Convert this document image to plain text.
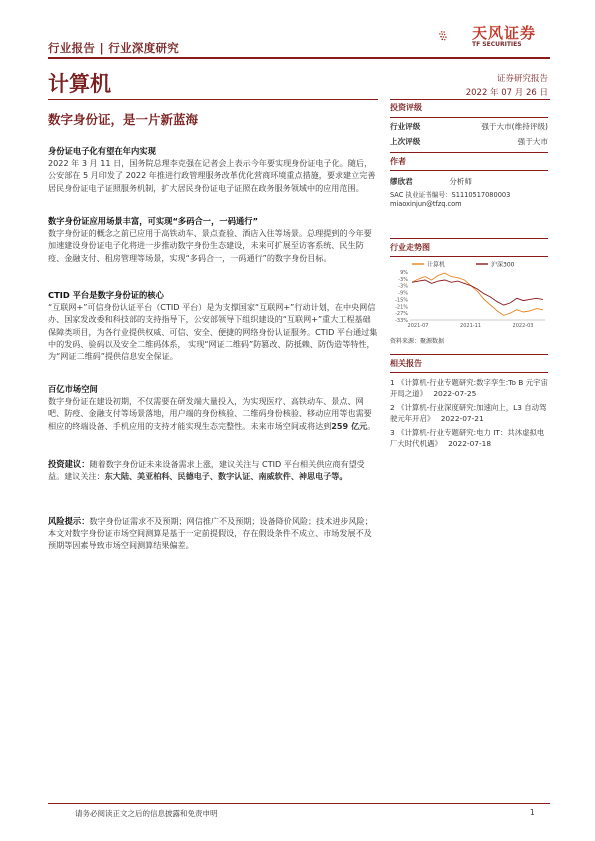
行业报告 | 行业深度研究
天风证券
TF SECURITIES
计算机	证券研究报告
2022 年 07 月 26 日
数字身份证，是一片新蓝海

身份证电子化有望在年内实现

2022 年 3 月 11 日，国务院总理李克强在记者会上表示今年要实现身份证电子化。随后，公安部在 5 月印发了 2022 年推进行政管理服务改革优化营商环境重点措施，要求建立完善居民身份证电子证照服务机制，扩大居民身份证电子证照在政务服务领域中的应用范围。

数字身份证应用场景丰富，可实现“多码合一，一码通行”

数字身份证的概念之前已应用于高铁动车、景点查验、酒店入住等场景。总理提到的今年要加速建设身份证电子化将进一步推动数字身份生态建设，未来可扩展至访客系统、民生防疫、金融支付、租房管理等场景，实现“多码合一，一码通行”的数字身份目标。

CTID 平台是数字身份证的核心

“互联网+”可信身份认证平台（CTID 平台）是为支撑国家“互联网+”行动计划，在中央网信办、国家发改委和科技部的支持指导下，公安部领导下组织建设的“互联网+”重大工程基础保障类项目，为各行业提供权威、可信、安全、便捷的网络身份认证服务。CTID 平台通过集中的发码、验码以及安全二维码体系， 实现“网证二维码”防篡改、防抵赖、防伪造等特性，为“网证二维码”提供信息安全保证。

百亿市场空间

数字身份证在建设初期，不仅需要在研发端大量投入，为实现医疗、高铁动车、景点、网吧、防疫、金融支付等场景落地，用户端的身份核验、二维码身份核验、移动应用等也需要相应的终端设备、手机应用的支持才能实现生态完整性。未来市场空间或将达到259 亿元。

投资建议：随着数字身份证未来设备需求上涨，建议关注与 CTID 平台相关供应商有望受益。建议关注：东大陆、美亚柏科、民德电子、数字认证、南威软件、神思电子等。

风险提示：数字身份证需求不及预期；网信推广不及预期；设备降价风险；技术进步风险；本文对数字身份证市场空间测算是基于一定前提假设，存在假设条件不成立、市场发展不及预期等因素导致市场空间测算结果偏差。

投资评级
行业评级	强于大市(维持评级)
上次评级	强于大市
作者
缪欣君	分析师
SAC 执业证书编号：S1110517080003
miaoxinjun@tfzq.com
行业走势图
计算机	沪深300
9%
-3%
-3%
-9%
-15%
-21%
-27%
-33%
2021-07	2021-11	2022-03
资料来源：聚源数据
相关报告
1 《计算机-行业专题研究:数字孪生:To B 元宇宙开局之道》 2022-07-25
2 《计算机-行业深度研究:加速向上，L3 自动驾驶元年开启》 2022-07-21
3 《计算机-行业专题研究:电力 IT：共沐虚拟电厂大时代机遇》 2022-07-18
请务必阅读正文之后的信息披露和免责申明	1
